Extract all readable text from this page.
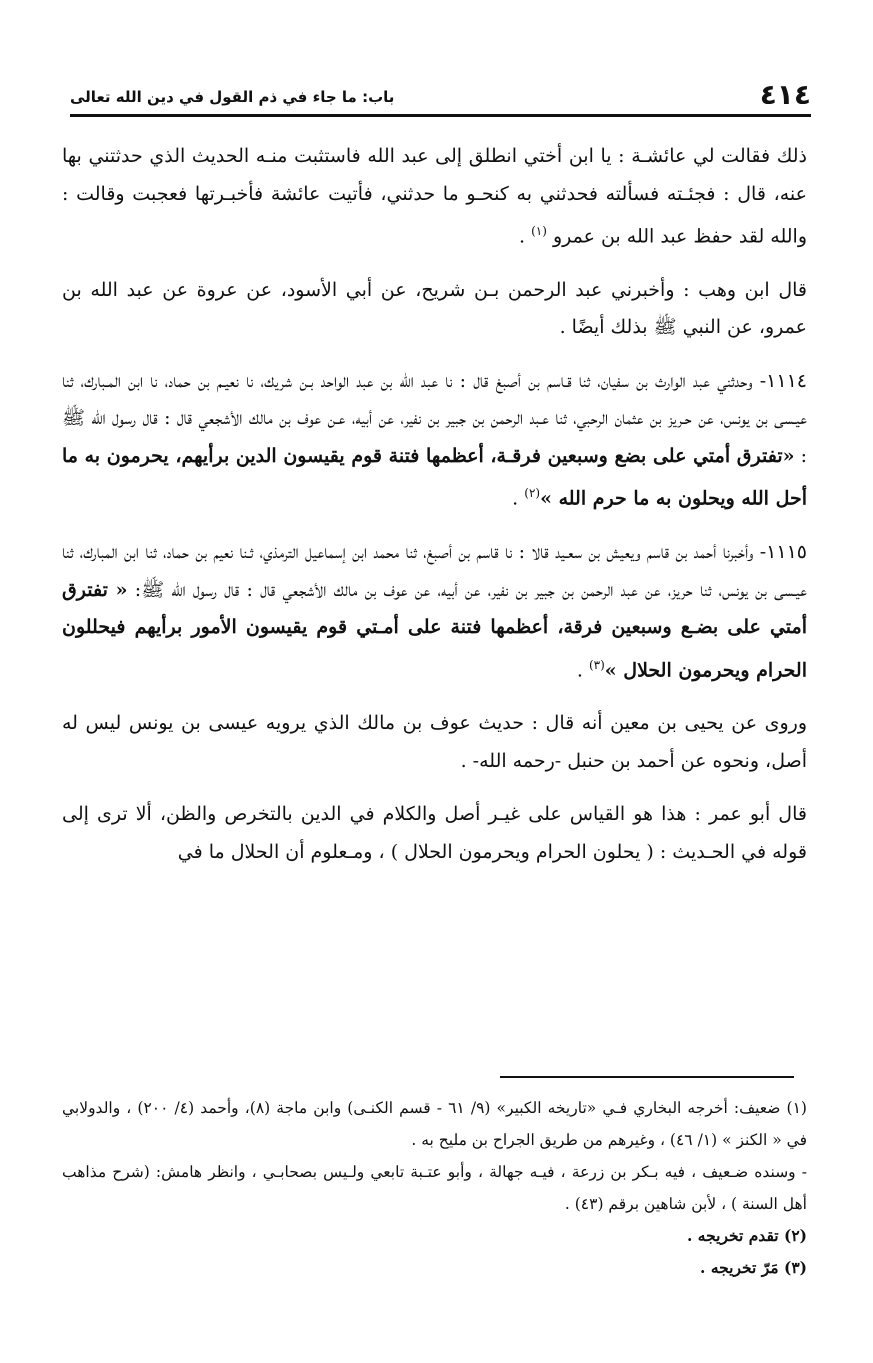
٤١٤
باب: ما جاء في ذم القول في دين الله تعالى

ذلك فقالت لي عائشـة : يا ابن أختي انطلق إلى عبد الله فاستثبت منـه الحديث الذي حدثتني بها عنه، قال : فجئـته فسألته فحدثني به كنحـو ما حدثني، فأتيت عائشة فأخبـرتها فعجبت وقالت : والله لقد حفظ عبد الله بن عمرو $^{(١)}$ .

قال ابن وهب : وأخبرني عبد الرحمن بـن شريح، عن أبي الأسود، عن عروة عن عبد الله بن عمرو، عن النبي ﷺ بذلك أيضًا .

١١١٤- وحدثني عبد الوارث بن سفيان، ثنا قـاسم بن أصبغ قال : نا عبد الله بن عبد الواحد بـن شريك، نا نعيـم بن حماد، نا ابن المـبارك، ثنا عيـسى بن يونس، عن حـريز بن عثمان الرحبي، ثنا عـبد الرحمن بن جبير بن نفير، عن أبيه، عـن عوف بن مالك الأشجعي قال : قال رسول الله ﷺ : «تفترق أمتي على بضع وسبعين فرقـة، أعظمها فتنة قوم يقيسون الدين برأيهم، يحرمون به ما أحل الله ويحلون به ما حرم الله »$^{(٢)}$ .

١١١٥- وأخبرنا أحمد بن قاسم ويعيش بن سعـيد قالا : نا قاسم بن أصبغ، ثنا محمد ابن إسماعيل الترمذي، ثـنا نعيم بن حماد، ثنا ابن المبارك، ثنا عيـسى بن يونس، ثنا حريز، عن عبد الرحمن بن جبير بن نفير، عن أبيه، عن عوف بن مالك الأشجعي قال : قال رسول الله ﷺ: « تفترق أمتي على بضـع وسبعين فرقة، أعظمها فتنة على أمـتي قوم يقيسون الأمور برأيهم فيحللون الحرام ويحرمون الحلال »$^{(٣)}$ .

وروى عن يحيى بن معين أنه قال : حديث عوف بن مالك الذي يرويه عيسى بن يونس ليس له أصل، ونحوه عن أحمد بن حنبل -رحمه الله- .

قال أبو عمر : هذا هو القياس على غيـر أصل والكلام في الدين بالتخرص والظن، ألا ترى إلى قوله في الحـديث : ( يحلون الحرام ويحرمون الحلال ) ، ومـعلوم أن الحلال ما في

(١) ضعيف: أخرجه البخاري فـي «تاريخه الكبير» (٩/ ٦١ - قسم الكنـى) وابن ماجة (٨)، وأحمد (٤/ ٢٠٠) ، والدولابي في « الكنز » (١/ ٤٦) ، وغيرهم من طريق الجراح بن مليح به .

- وسنده ضـعيف ، فيه بـكر بن زرعة ، فيـه جهالة ، وأبو عتـبة تابعي ولـيس بصحابـي ، وانظر هامش: (شرح مذاهب أهل السنة ) ، لأبن شاهين برقم (٤٣) .

(٢) تقدم تخريجه .

(٣) مَرّ تخريجه .
